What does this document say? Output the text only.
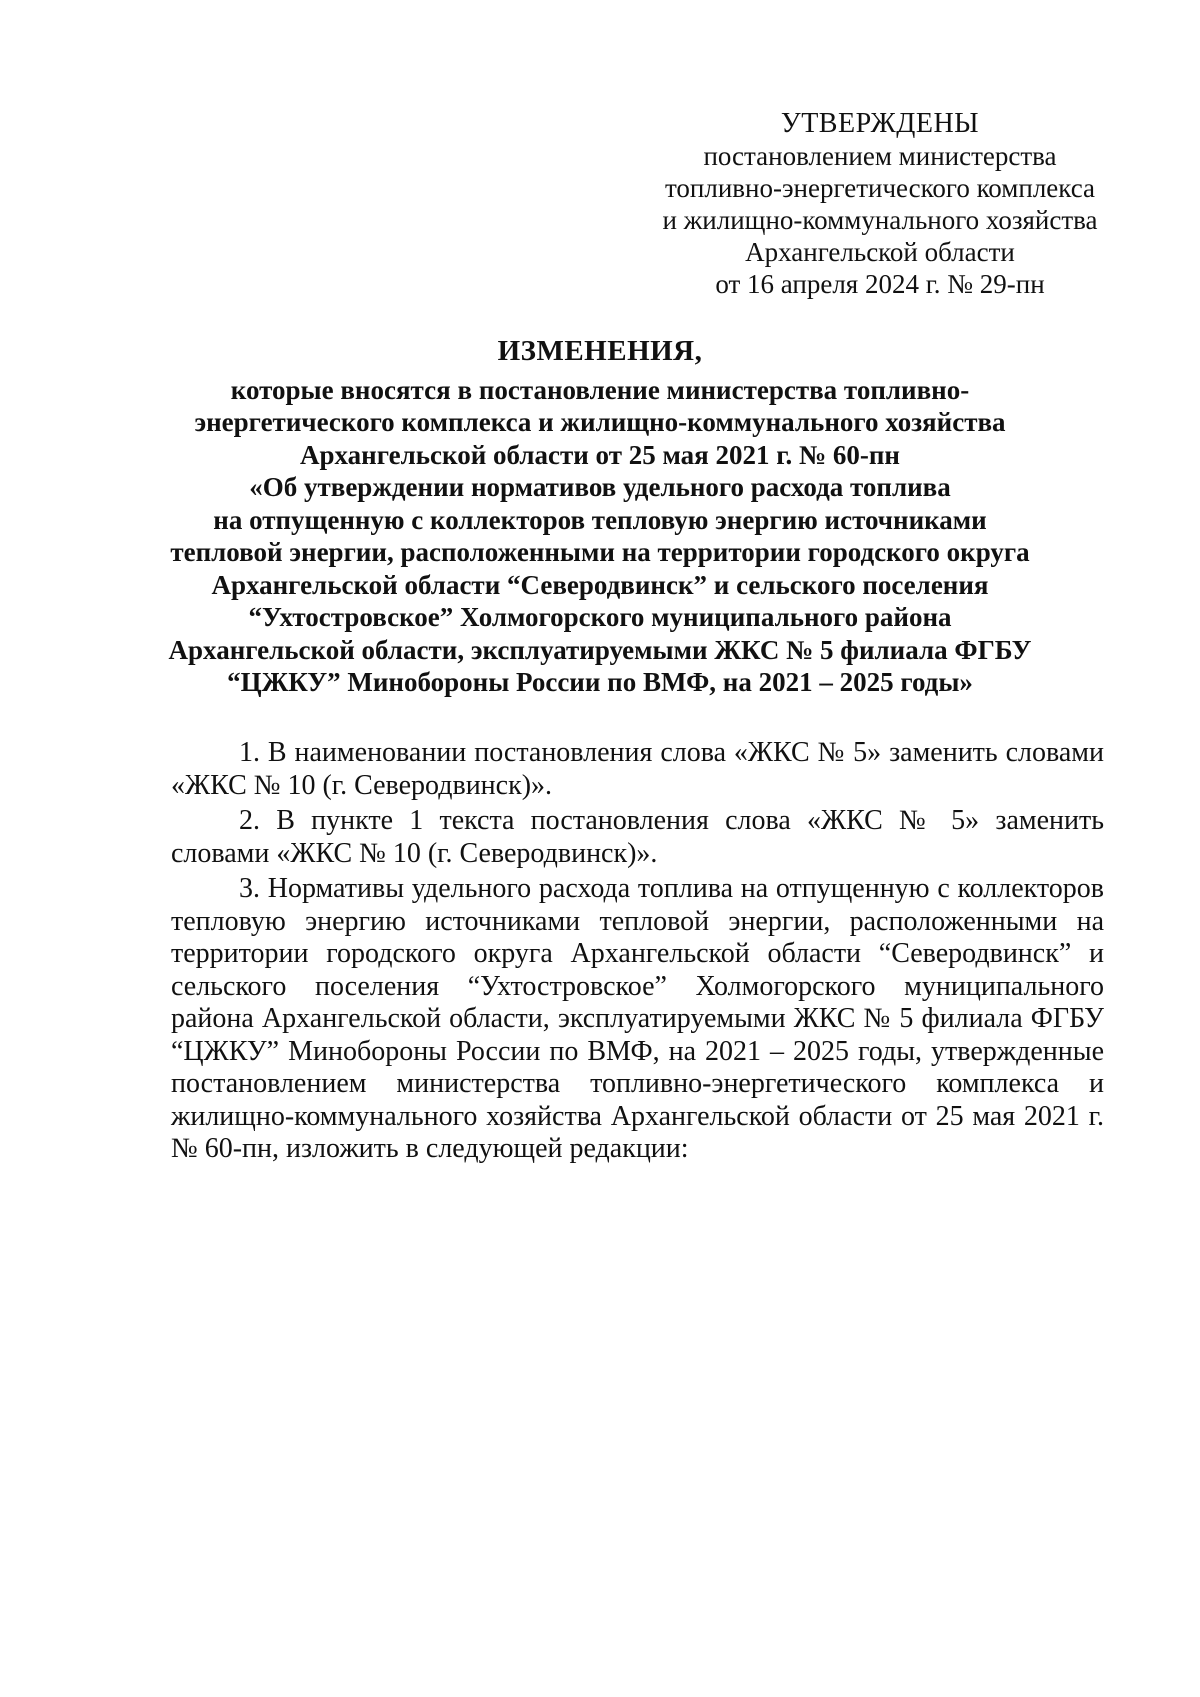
УТВЕРЖДЕНЫ
постановлением министерства
топливно-энергетического комплекса
и жилищно-коммунального хозяйства
Архангельской области
от 16 апреля 2024 г. № 29-пн
ИЗМЕНЕНИЯ,
которые вносятся в постановление министерства топливно-
энергетического комплекса и жилищно-коммунального хозяйства
Архангельской области от 25 мая 2021 г. № 60-пн
«Об утверждении нормативов удельного расхода топлива
на отпущенную с коллекторов тепловую энергию источниками
тепловой энергии, расположенными на территории городского округа
Архангельской области “Северодвинск” и сельского поселения
“Ухтостровское” Холмогорского муниципального района
Архангельской области, эксплуатируемыми ЖКС № 5 филиала ФГБУ
“ЦЖКУ” Минобороны России по ВМФ, на 2021 – 2025 годы»

1. В наименовании постановления слова «ЖКС № 5» заменить словами «ЖКС № 10 (г. Северодвинск)».

2. В пункте 1 текста постановления слова «ЖКС № 5» заменить словами «ЖКС № 10 (г. Северодвинск)».

3. Нормативы удельного расхода топлива на отпущенную с коллекторов тепловую энергию источниками тепловой энергии, расположенными на территории городского округа Архангельской области “Северодвинск” и сельского поселения “Ухтостровское” Холмогорского муниципального района Архангельской области, эксплуатируемыми ЖКС № 5 филиала ФГБУ “ЦЖКУ” Минобороны России по ВМФ, на 2021 – 2025 годы, утвержденные постановлением министерства топливно-энергетического комплекса и жилищно-коммунального хозяйства Архангельской области от 25 мая 2021 г. № 60-пн, изложить в следующей редакции:
